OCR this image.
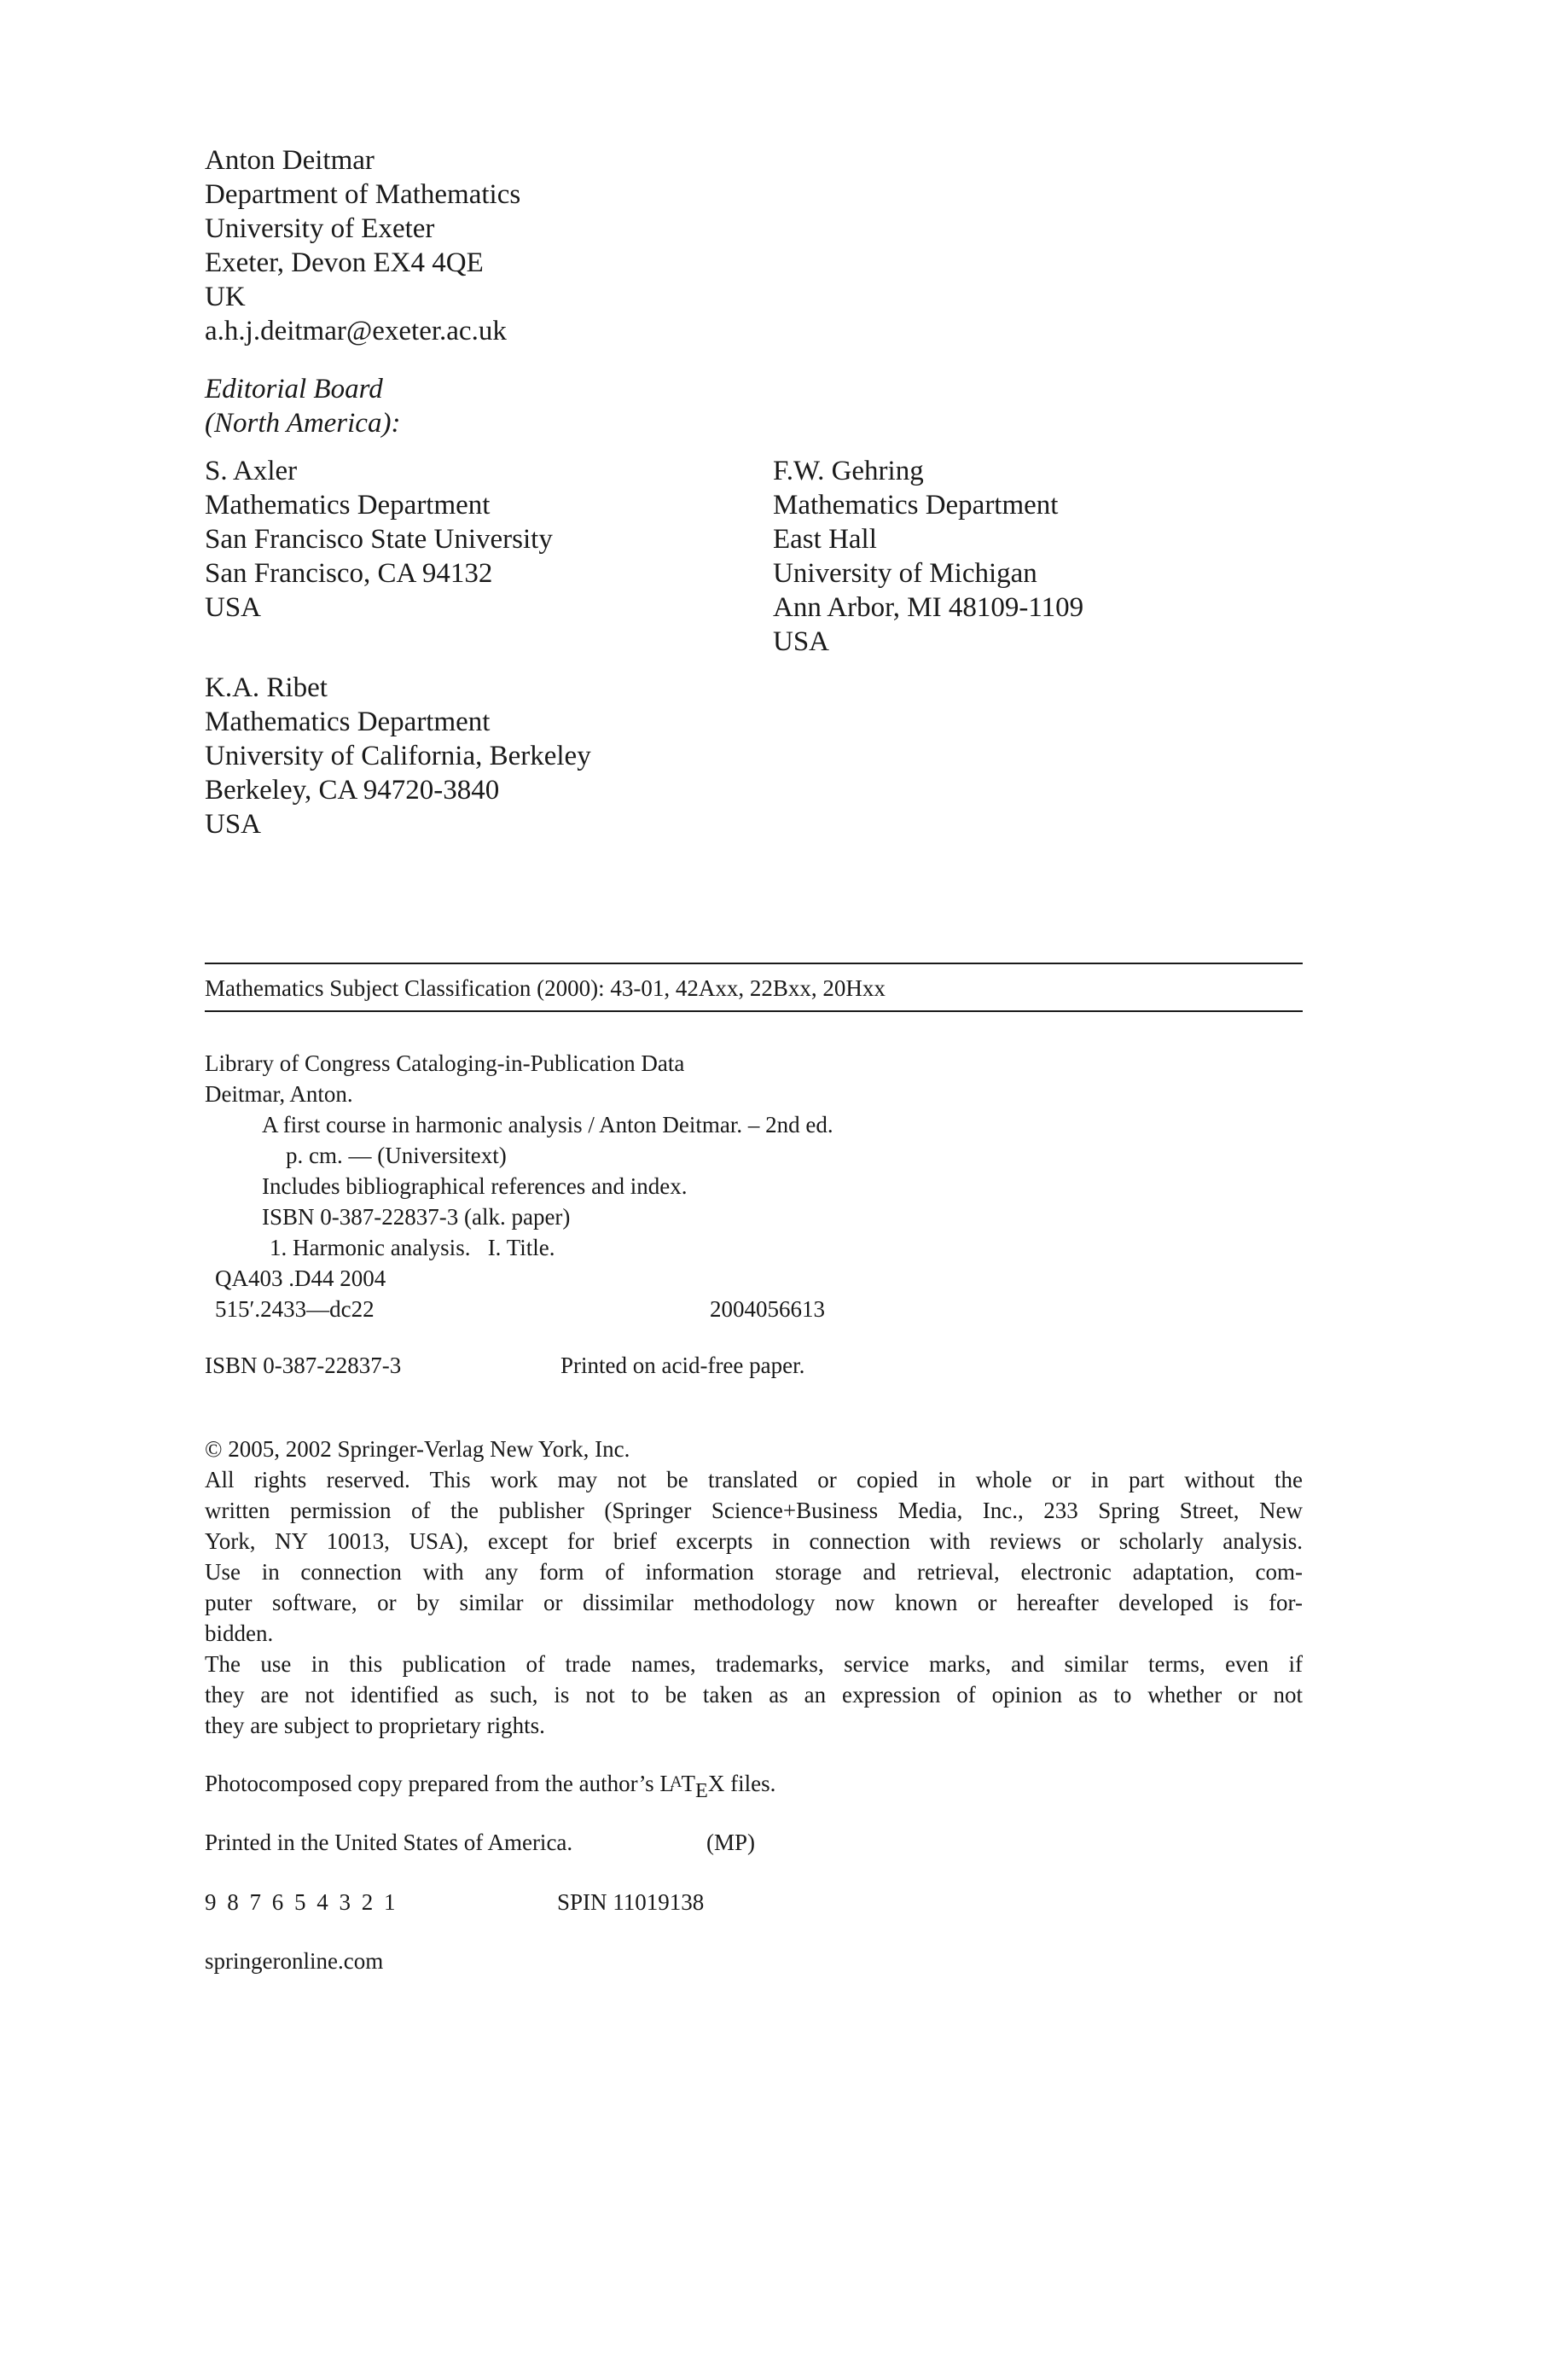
Anton Deitmar
Department of Mathematics
University of Exeter
Exeter, Devon EX4 4QE
UK
a.h.j.deitmar@exeter.ac.uk
Editorial Board
(North America):
S. Axler
Mathematics Department
San Francisco State University
San Francisco, CA 94132
USA
F.W. Gehring
Mathematics Department
East Hall
University of Michigan
Ann Arbor, MI 48109-1109
USA
K.A. Ribet
Mathematics Department
University of California, Berkeley
Berkeley, CA 94720-3840
USA
Mathematics Subject Classification (2000): 43-01, 42Axx, 22Bxx, 20Hxx
Library of Congress Cataloging-in-Publication Data
Deitmar, Anton.
A first course in harmonic analysis / Anton Deitmar. – 2nd ed.
p. cm. — (Universitext)
Includes bibliographical references and index.
ISBN 0-387-22837-3 (alk. paper)
1. Harmonic analysis.   I. Title.
QA403 .D44 2004
515′.2433—dc22	2004056613
ISBN 0-387-22837-3	Printed on acid-free paper.
© 2005, 2002 Springer-Verlag New York, Inc.
All rights reserved. This work may not be translated or copied in whole or in part without the
written permission of the publisher (Springer Science+Business Media, Inc., 233 Spring Street, New
York, NY 10013, USA), except for brief excerpts in connection with reviews or scholarly analysis.
Use in connection with any form of information storage and retrieval, electronic adaptation, com-
puter software, or by similar or dissimilar methodology now known or hereafter developed is for-
bidden.
The use in this publication of trade names, trademarks, service marks, and similar terms, even if
they are not identified as such, is not to be taken as an expression of opinion as to whether or not
they are subject to proprietary rights.
Photocomposed copy prepared from the author’s LATEX files.
Printed in the United States of America.	(MP)
9 8 7 6 5 4 3 2 1	SPIN 11019138
springeronline.com
